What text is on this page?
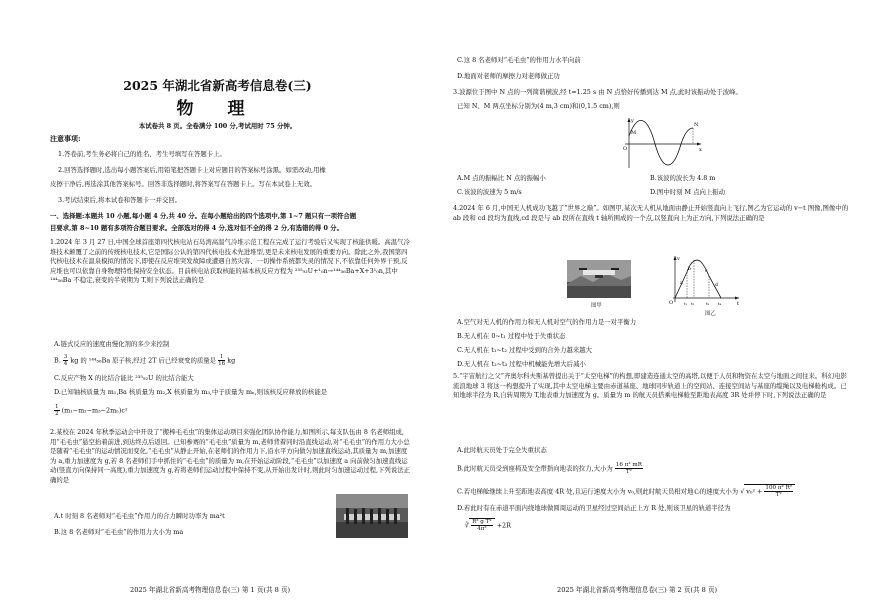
2025 年湖北省新高考信息卷(三)
物 理
本试卷共 8 页。全卷满分 100 分,考试用时 75 分钟。
注意事项:
1.答卷前,考生务必将自己的姓名、考生号填写在答题卡上。
2.回答选择题时,选出每小题答案后,用铅笔把答题卡上对应题目的答案标号涂黑。如需改动,用橡
皮擦干净后,再选涂其他答案标号。回答非选择题时,将答案写在答题卡上。写在本试卷上无效。
3.考试结束后,将本试卷和答题卡一并交回。
一、选择题:本题共 10 小题,每小题 4 分,共 40 分。在每小题给出的四个选项中,第 1~7 题只有一项符合题
目要求,第 8~10 题有多项符合题目要求。全部选对的得 4 分,选对但不全的得 2 分,有选错的得 0 分。
1.2024 年 3 月 27 日,中国全球首座第四代核电站石岛湾高温气冷堆示范工程在完成了运行考验后又实现了核能供暖。高温气冷堆技术颠覆了之前的传统核电技术,它是国际公认的第四代核电技术先进堆型,更是未来核电发展的重要方向。除此之外,我国第四代核电技术在温泉模拟的情况下,即使在反应堆突发故障或遭遇自然灾害、一切操作系统都失灵的情况下,不依靠任何外界干预,反应堆也可以依靠自身物理特性保持安全状态。目前核电站获取核能的基本核反应方程为 ²³⁵₉₂U+¹₀n→¹⁴⁴₅₆Ba+X+3¹₀n,其中 ¹⁴⁴₅₆Ba 不稳定,衰变的半衰期为 T,则下列说法正确的是
A.链式反应的速度由慢化剂的多少来控制
B. $\frac{3}{4}$ kg 的 ¹⁴⁴₅₆Ba 原子核,经过 2T 后已经衰变的质量是 $\frac{1}{16}$ kg
C.反应产物 X 的比结合能比 ²³⁵₉₂U 的比结合能大
D.已知铀核质量为 m₁,Ba 核质量为 m₂,X 核质量为 m₃,中子质量为 mₙ,则该核反应释放的核能是
$\frac{1}{2} (m_1-m_2-m_3-2m_n)c^2$
2.某校在 2024 年秋季运动会中开设了“搬棒毛毛虫”的集体运动项目来强化团队协作能力,如图所示,每支队伍由 8 名老师组成,用“毛毛虫”悬空抬着前进,到达终点后返回。已知参赛的“毛毛虫”质量为 m,老师背着同时沿直线运动,对“毛毛虫”的作用力大小总是随着“毛毛虫”的运动情况而变化,“毛毛虫”从静止开始,在老师们的作用力下,沿水平方向做匀加速直线运动,其质量为 m,加速度为 a,重力加速度为 g,若 8 名老师们手中抓住的“毛毛虫”的质量为 m,在开始运动阶段,“毛毛虫”以加速度 a 向前做匀加速直线运动(竖直方向保持同一高度),重力加速度为 g,若将老师们运动过程中保持不变,从开始出发计时,则此时匀加速运动过程,下列说法正确的是
A.t 时刻 8 名老师对“毛毛虫”作用力的合力瞬时功率为 ma²t
B.这 8 名老师对“毛毛虫”的作用力大小为 ma
2025 年湖北省新高考物理信息卷(三) 第 1 页(共 8 页)
C.这 8 名老师对“毛毛虫”的作用力水平向前
D.地面对老师的摩擦力对老师做正功
3.波源位于图中 N 点的一列简谐横波,经 t=1.25 s 由 N 点恰好传播到达 M 点,此时该振动处于波峰。
已知 N、M 两点坐标分别为(4 m,3 cm)和(0,1.5 cm),则
y
x
O
M
N
A.M 点的振幅比 N 点的振幅小	B.该波的波长为 4.8 m
C.该波的波速为 5 m/s	D.图中时刻 M 点向上振动
4.2024 年 6 月,中国无人机成功飞越了“世界之巅”。如图甲,某次无人机从地面由静止开始竖直向上飞行,图乙为它运动的 v−t 图像,图像中的 ab 段和 cd 段均为直线,cd 段是与 ab 段所在直线 t 轴所围成的一个点,以竖直向上为正方向,下列说法正确的是
图甲
v
t
O
a
b	c
d
t₁ t₂	t₃ t₄
图乙
A.空气对无人机的作用力和无人机对空气的作用力是一对平衡力
B.无人机在 0~t₁ 过程中处于失重状态
C.无人机在 t₁~t₂ 过程中受到的合外力越来越大
D.无人机在 t₂~t₃ 过程中机械能先增大后减小
5.“宇宙航行之父”齐奥尔科夫斯基曾提出关于“太空电梯”的构想,即建造连通太空的高塔,以便于人员和物资在太空与地面之间往来。科幻电影流浪地球 3 将这一构想提升了实现,其中太空电梯主要由赤道基座、地球同步轨道上的空间站、连接空间站与基座的缆绳以及电梯舱构成。已知地球半径为 R,自转周期为 T,地表重力加速度为 g。质量为 m 的航天员搭乘电梯舱至距地表高度 3R 处并停下时,下列说法正确的是
A.此时航天员处于完全失重状态
B.此时航天员受到座椅及安全带指向地表的拉力,大小为 $\frac{\text{16 π² mR}}{\text{T²}}$
C.若电梯舱继续上升至距地表高度 4R 处,且运行速度大小为 v₀,则此时航天员相对地心的速度大小为 √ $v_0^2 + \frac{\text{100 π² R²}}{\text{T²}}$
D.若此时有在赤道平面内绕地球做圆周运动的卫星经过空间站正上方 R 处,则该卫星的轨道半径为
∛ $\frac{\text{R² g T²}}{\text{4π²}} +2R$
2025 年湖北省新高考物理信息卷(三) 第 2 页(共 8 页)
